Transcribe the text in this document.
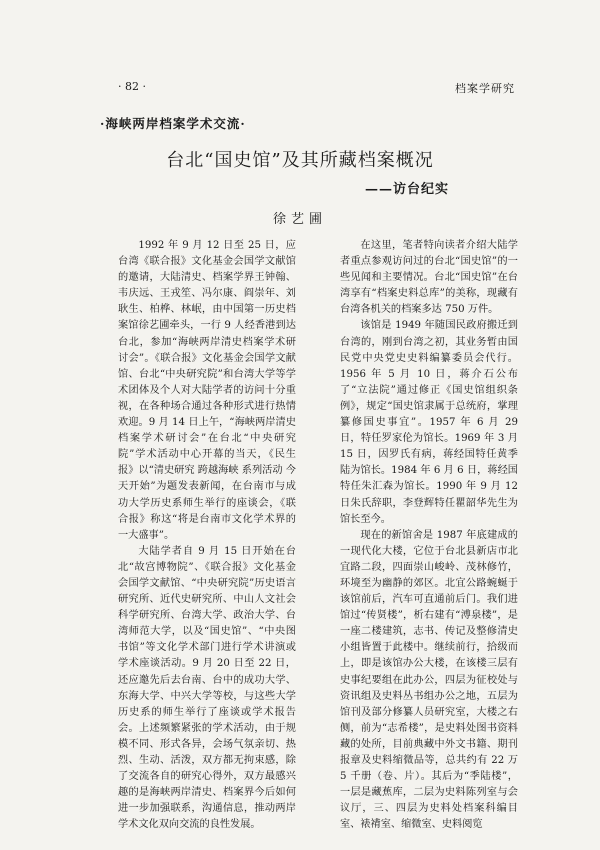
· 82 ·	档案学研究
·海峡两岸档案学术交流·
台北“国史馆”及其所藏档案概况
——访台纪实
徐艺圃

1992 年 9 月 12 日至 25 日，应台湾《联合报》文化基金会国学文献馆的邀请，大陆清史、档案学界王钟翰、韦庆远、王戎笙、冯尔康、阎崇年、刘耿生、柏桦、林岷，由中国第一历史档案馆徐艺圃牵头，一行 9 人经香港到达台北，参加“海峡两岸清史档案学术研讨会”。《联合报》文化基金会国学文献馆、台北“中央研究院”和台湾大学等学术团体及个人对大陆学者的访问十分重视，在各种场合通过各种形式进行热情欢迎。9 月 14 日上午，“海峡两岸清史档案学术研讨会”在台北“中央研究院”学术活动中心开幕的当天，《民生报》以“清史研究 跨越海峡 系列活动 今天开始”为题发表新闻，在台南市与成功大学历史系师生举行的座谈会，《联合报》称这“将是台南市文化学术界的一大盛事”。

大陆学者自 9 月 15 日开始在台北“故宫博物院”、《联合报》文化基金会国学文献馆、“中央研究院”历史语言研究所、近代史研究所、中山人文社会科学研究所、台湾大学、政治大学、台湾师范大学，以及“国史馆”、“中央图书馆”等文化学术部门进行学术讲演或学术座谈活动。9 月 20 日至 22 日，还应邀先后去台南、台中的成功大学、东海大学、中兴大学等校，与这些大学历史系的师生举行了座谈或学术报告会。上述频繁紧张的学术活动，由于规模不同、形式各异，会场气氛亲切、热烈、生动、活泼，双方都无拘束感，除了交流各自的研究心得外，双方最感兴趣的是海峡两岸清史、档案界今后如何进一步加强联系，沟通信息，推动两岸学术文化双向交流的良性发展。

在这里，笔者特向读者介绍大陆学者重点参观访问过的台北“国史馆”的一些见闻和主要情况。台北“国史馆”在台湾享有“档案史料总库”的美称，现藏有台湾各机关的档案多达 750 万件。

该馆是 1949 年随国民政府搬迁到台湾的，刚到台湾之初，其业务暂由国民党中央党史史料编纂委员会代行。1956 年 5 月 10 日，蒋介石公布了“立法院”通过修正《国史馆组织条例》，规定“国史馆隶属于总统府，掌理纂修国史事宜”。1957 年 6 月 29 日，特任罗家伦为馆长。1969 年 3 月 15 日，因罗氏有病，蒋经国特任黄季陆为馆长。1984 年 6 月 6 日，蒋经国特任朱汇森为馆长。1990 年 9 月 12 日朱氏辞职，李登辉特任瞿韶华先生为馆长至今。

现在的新馆舍是 1987 年底建成的一现代化大楼，它位于台北县新店市北宜路二段，四面崇山峻岭、茂林修竹，环境至为幽静的郊区。北宜公路蜿蜒于该馆前后，汽车可直通前后门。我们进馆过“传贤楼”，析右建有“溥泉楼”，是一座二楼建筑，志书、传记及整修清史小组皆置于此楼中。继续前行，拾级而上，即是该馆办公大楼，在该楼三层有史事纪要组在此办公，四层为征校处与资讯组及史料丛书组办公之地，五层为馆刊及部分修纂人员研究室，大楼之右侧，前为“志希楼”，是史料处图书资料藏的处所，目前典藏中外文书籍、期刊报章及史料缩微品等，总共约有 22 万 5 千册（卷、片）。其后为“季陆楼”，一层是藏蕉库，二层为史料陈列室与会议厅，三、四层为史料处档案科编目室、裱褙室、缩微室、史料阅览
